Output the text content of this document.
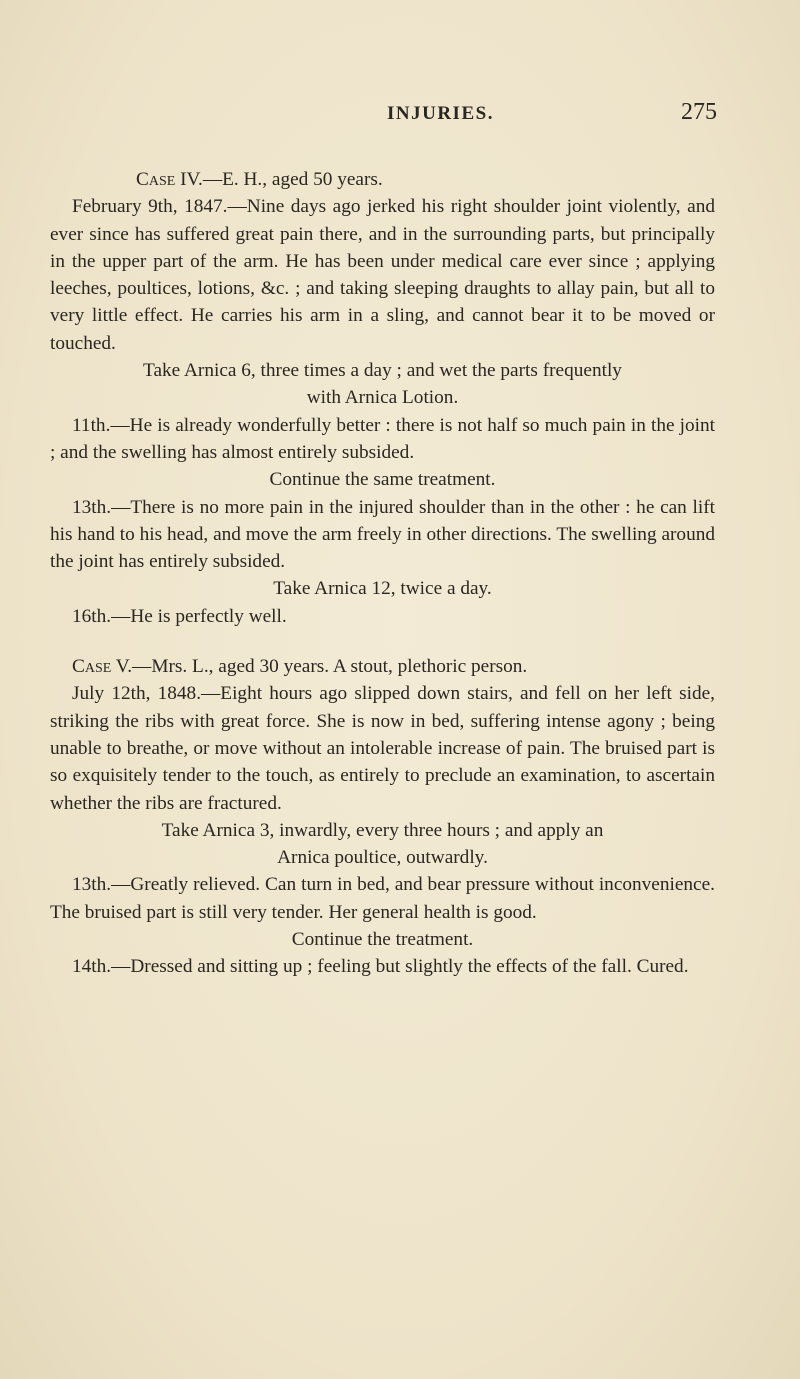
INJURIES.	275

Case IV.—E. H., aged 50 years.

February 9th, 1847.—Nine days ago jerked his right shoulder joint violently, and ever since has suffered great pain there, and in the surrounding parts, but principally in the upper part of the arm. He has been under medical care ever since ; applying leeches, poultices, lotions, &c. ; and taking sleeping draughts to allay pain, but all to very little effect. He carries his arm in a sling, and cannot bear it to be moved or touched.

Take Arnica 6, three times a day ; and wet the parts frequently
with Arnica Lotion.

11th.—He is already wonderfully better : there is not half so much pain in the joint ; and the swelling has almost entirely subsided.

Continue the same treatment.

13th.—There is no more pain in the injured shoulder than in the other : he can lift his hand to his head, and move the arm freely in other directions. The swelling around the joint has entirely subsided.

Take Arnica 12, twice a day.

16th.—He is perfectly well.

Case V.—Mrs. L., aged 30 years. A stout, plethoric person.

July 12th, 1848.—Eight hours ago slipped down stairs, and fell on her left side, striking the ribs with great force. She is now in bed, suffering intense agony ; being unable to breathe, or move without an intolerable increase of pain. The bruised part is so exquisitely tender to the touch, as entirely to preclude an examination, to ascertain whether the ribs are fractured.

Take Arnica 3, inwardly, every three hours ; and apply an
Arnica poultice, outwardly.

13th.—Greatly relieved. Can turn in bed, and bear pressure without inconvenience. The bruised part is still very tender. Her general health is good.

Continue the treatment.

14th.—Dressed and sitting up ; feeling but slightly the effects of the fall. Cured.
